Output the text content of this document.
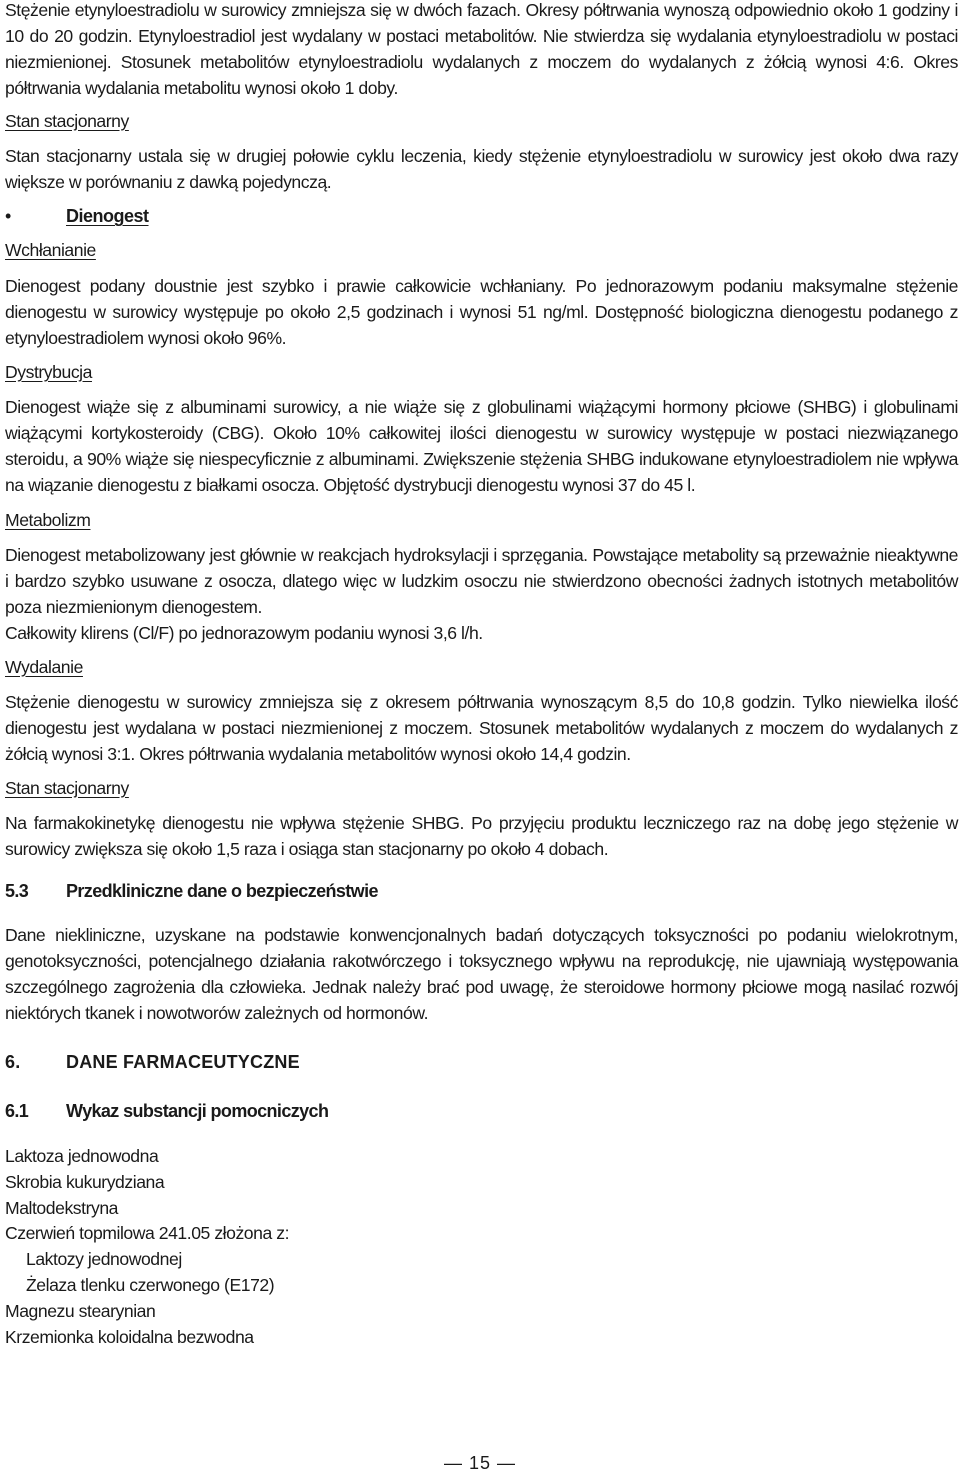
Stężenie etynyloestradiolu w surowicy zmniejsza się w dwóch fazach. Okresy półtrwania wynoszą odpowiednio około 1 godziny i 10 do 20 godzin. Etynyloestradiol jest wydalany w postaci metabolitów. Nie stwierdza się wydalania etynyloestradiolu w postaci niezmienionej. Stosunek metabolitów etynyloestradiolu wydalanych z moczem do wydalanych z żółcią wynosi 4:6. Okres półtrwania wydalania metabolitu wynosi około 1 doby.

Stan stacjonarny

Stan stacjonarny ustala się w drugiej połowie cyklu leczenia, kiedy stężenie etynyloestradiolu w surowicy jest około dwa razy większe w porównaniu z dawką pojedynczą.

•	Dienogest

Wchłanianie

Dienogest podany doustnie jest szybko i prawie całkowicie wchłaniany. Po jednorazowym podaniu maksymalne stężenie dienogestu w surowicy występuje po około 2,5 godzinach i wynosi 51 ng/ml. Dostępność biologiczna dienogestu podanego z etynyloestradiolem wynosi około 96%.

Dystrybucja

Dienogest wiąże się z albuminami surowicy, a nie wiąże się z globulinami wiążącymi hormony płciowe (SHBG) i globulinami wiążącymi kortykosteroidy (CBG). Około 10% całkowitej ilości dienogestu w surowicy występuje w postaci niezwiązanego steroidu, a 90% wiąże się niespecyficznie z albuminami. Zwiększenie stężenia SHBG indukowane etynyloestradiolem nie wpływa na wiązanie dienogestu z białkami osocza. Objętość dystrybucji dienogestu wynosi 37 do 45 l.

Metabolizm

Dienogest metabolizowany jest głównie w reakcjach hydroksylacji i sprzęgania. Powstające metabolity są przeważnie nieaktywne i bardzo szybko usuwane z osocza, dlatego więc w ludzkim osoczu nie stwierdzono obecności żadnych istotnych metabolitów poza niezmienionym dienogestem.

Całkowity klirens (Cl/F) po jednorazowym podaniu wynosi 3,6 l/h.

Wydalanie

Stężenie dienogestu w surowicy zmniejsza się z okresem półtrwania wynoszącym 8,5 do 10,8 godzin. Tylko niewielka ilość dienogestu jest wydalana w postaci niezmienionej z moczem. Stosunek metabolitów wydalanych z moczem do wydalanych z żółcią wynosi 3:1. Okres półtrwania wydalania metabolitów wynosi około 14,4 godzin.

Stan stacjonarny

Na farmakokinetykę dienogestu nie wpływa stężenie SHBG. Po przyjęciu produktu leczniczego raz na dobę jego stężenie w surowicy zwiększa się około 1,5 raza i osiąga stan stacjonarny po około 4 dobach.

5.3	Przedkliniczne dane o bezpieczeństwie

Dane niekliniczne, uzyskane na podstawie konwencjonalnych badań dotyczących toksyczności po podaniu wielokrotnym, genotoksyczności, potencjalnego działania rakotwórczego i toksycznego wpływu na reprodukcję, nie ujawniają występowania szczególnego zagrożenia dla człowieka. Jednak należy brać pod uwagę, że steroidowe hormony płciowe mogą nasilać rozwój niektórych tkanek i nowotworów zależnych od hormonów.

6.	DANE FARMACEUTYCZNE
6.1	Wykaz substancji pomocniczych

Laktoza jednowodna

Skrobia kukurydziana

Maltodekstryna

Czerwień topmilowa 241.05 złożona z:

Laktozy jednowodnej

Żelaza tlenku czerwonego (E172)

Magnezu stearynian

Krzemionka koloidalna bezwodna

— 15 —
